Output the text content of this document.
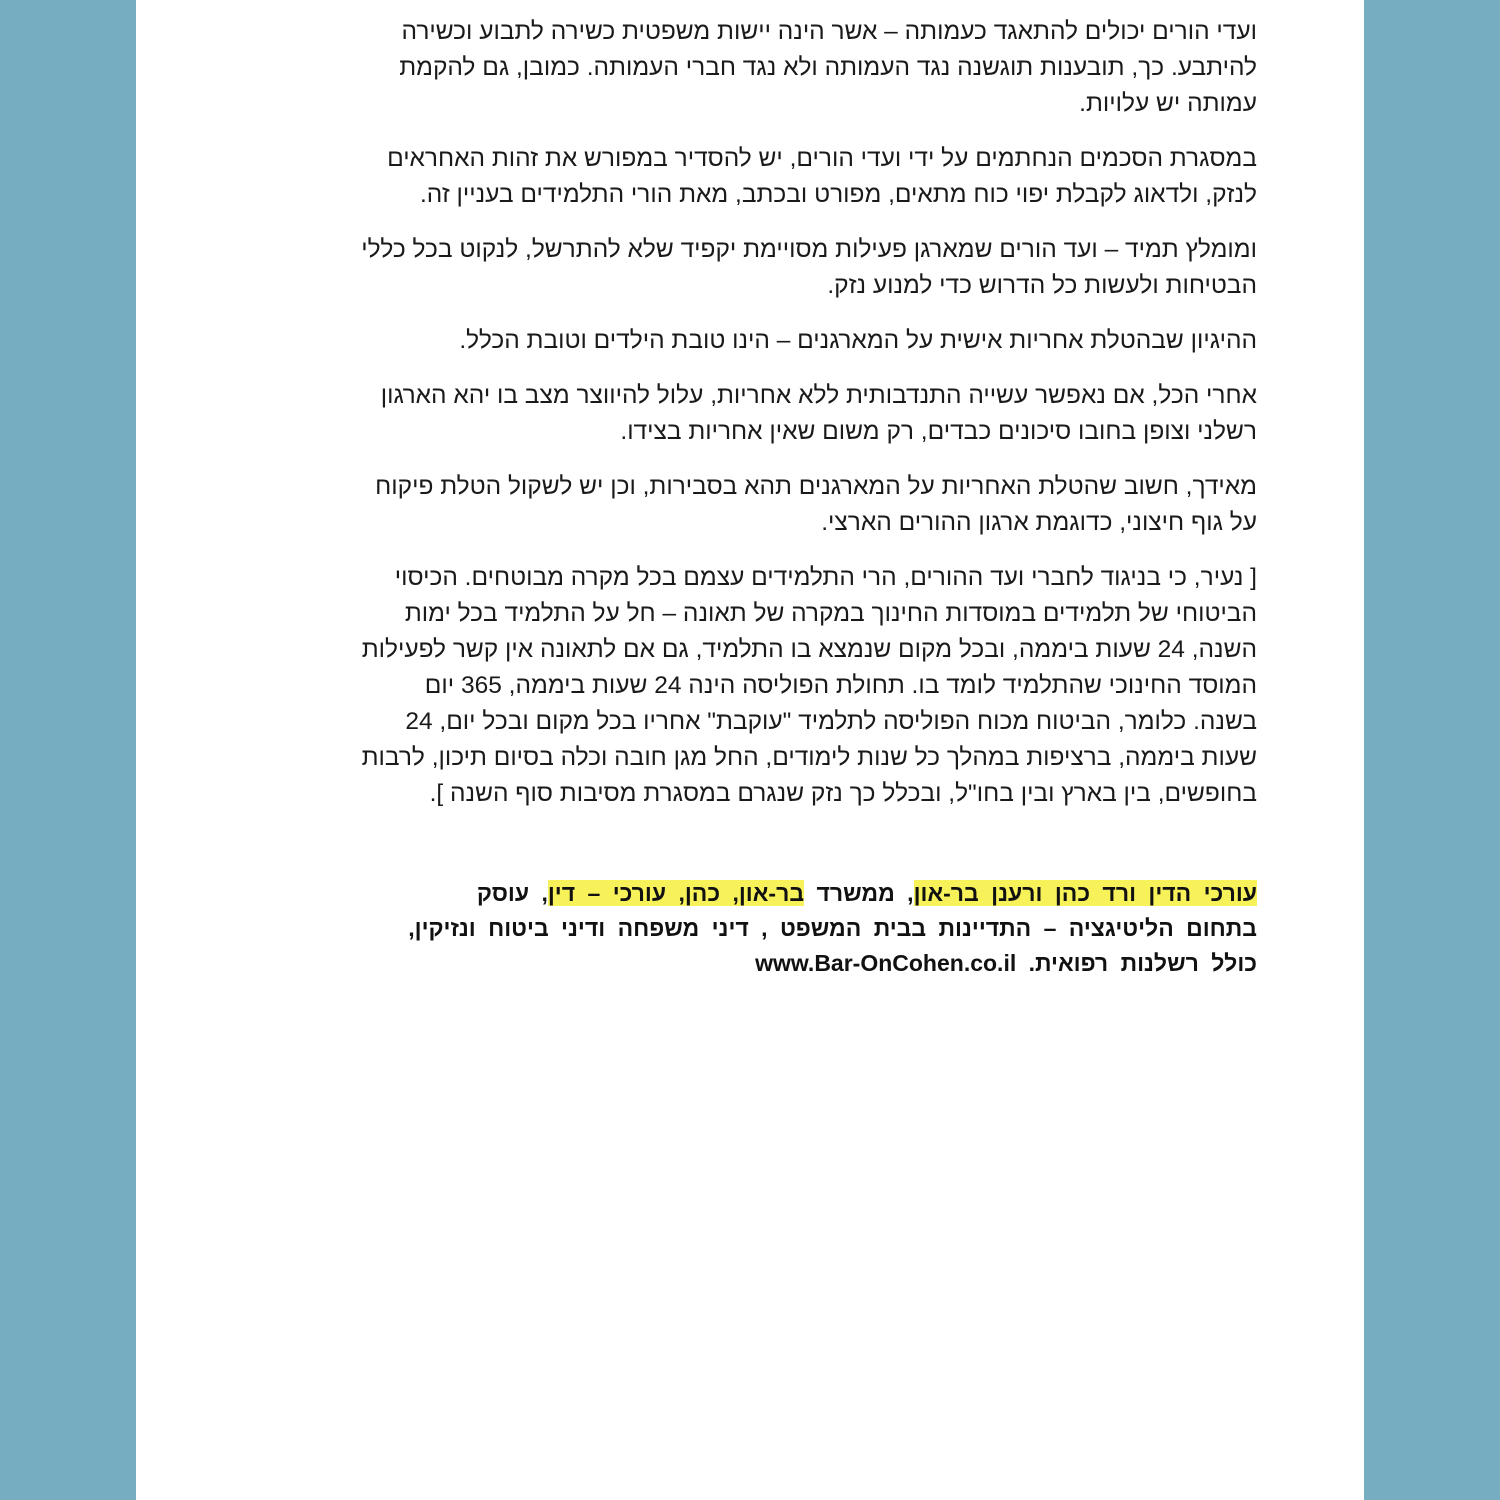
ועדי הורים יכולים להתאגד כעמותה – אשר הינה יישות משפטית כשירה לתבוע וכשירה
להיתבע. כך, תובענות תוגשנה נגד העמותה ולא נגד חברי העמותה. כמובן, גם להקמת
עמותה יש עלויות.

במסגרת הסכמים הנחתמים על ידי ועדי הורים, יש להסדיר במפורש את זהות האחראים
לנזק, ולדאוג לקבלת יפוי כוח מתאים, מפורט ובכתב, מאת הורי התלמידים בעניין זה.

ומומלץ תמיד – ועד הורים שמארגן פעילות מסויימת יקפיד שלא להתרשל, לנקוט בכל כללי
הבטיחות ולעשות כל הדרוש כדי למנוע נזק.

ההיגיון שבהטלת אחריות אישית על המארגנים – הינו טובת הילדים וטובת הכלל.

אחרי הכל, אם נאפשר עשייה התנדבותית ללא אחריות, עלול להיווצר מצב בו יהא הארגון
רשלני וצופן בחובו סיכונים כבדים, רק משום שאין אחריות בצידו.

מאידך, חשוב שהטלת האחריות על המארגנים תהא בסבירות, וכן יש לשקול הטלת פיקוח
על גוף חיצוני, כדוגמת ארגון ההורים הארצי.

[ נעיר, כי בניגוד לחברי ועד ההורים, הרי התלמידים עצמם בכל מקרה מבוטחים. הכיסוי
הביטוחי של תלמידים במוסדות החינוך במקרה של תאונה – חל על התלמיד בכל ימות
השנה, 24 שעות ביממה, ובכל מקום שנמצא בו התלמיד, גם אם לתאונה אין קשר לפעילות
המוסד החינוכי שהתלמיד לומד בו. תחולת הפוליסה הינה 24 שעות ביממה, 365 יום
בשנה. כלומר, הביטוח מכוח הפוליסה לתלמיד "עוקבת" אחריו בכל מקום ובכל יום, 24
שעות ביממה, ברציפות במהלך כל שנות לימודים, החל מגן חובה וכלה בסיום תיכון, לרבות
בחופשים, בין בארץ ובין בחו"ל, ובכלל כך נזק שנגרם במסגרת מסיבות סוף השנה ].

עורכי הדין ורד כהן ורענן בר-און, ממשרד בר-און, כהן, עורכי – דין, עוסק
בתחום הליטיגציה – התדיינות בבית המשפט , דיני משפחה ודיני ביטוח ונזיקין,
כולל רשלנות רפואית. www.Bar-OnCohen.co.il
